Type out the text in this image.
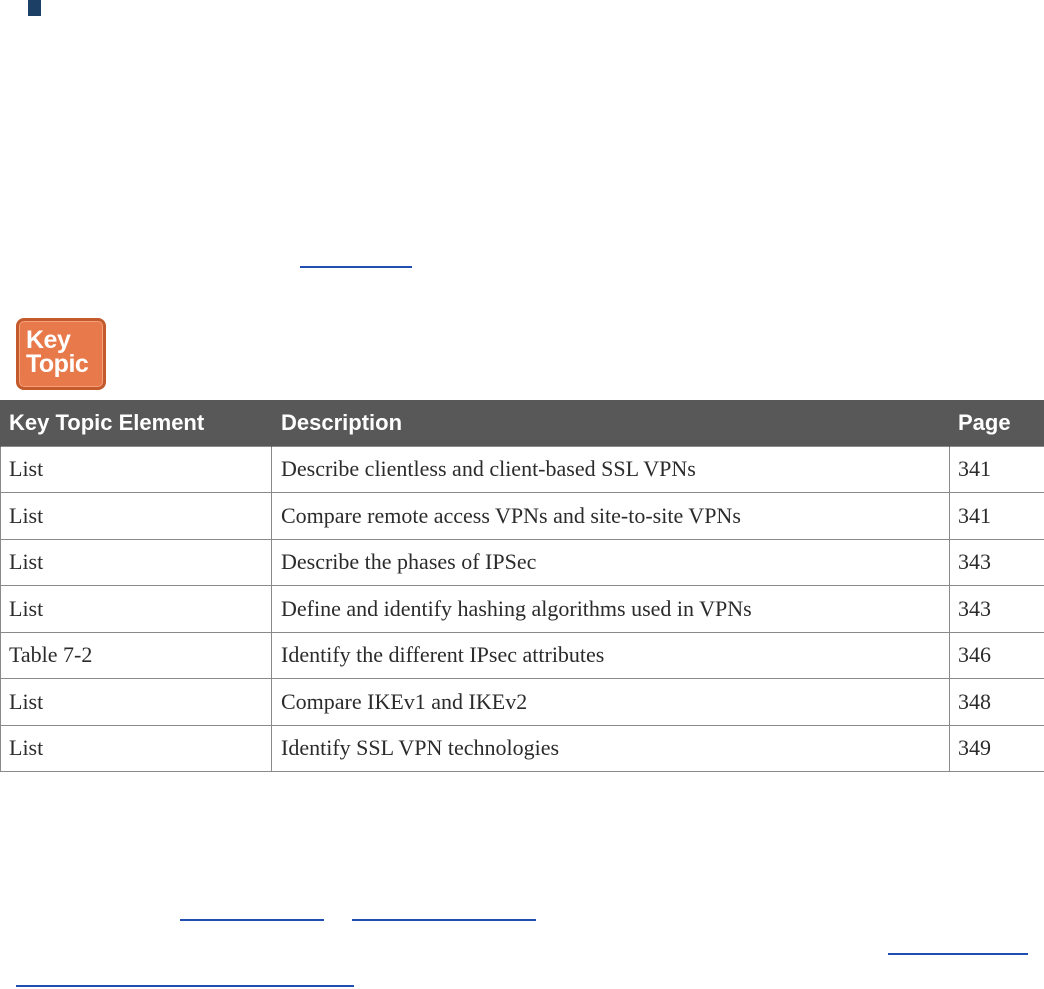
Key
Topic
Key Topic Element	Description	Page
List	Describe clientless and client-based SSL VPNs	341
List	Compare remote access VPNs and site-to-site VPNs	341
List	Describe the phases of IPSec	343
List	Define and identify hashing algorithms used in VPNs	343
Table 7-2	Identify the different IPsec attributes	346
List	Compare IKEv1 and IKEv2	348
List	Identify SSL VPN technologies	349
